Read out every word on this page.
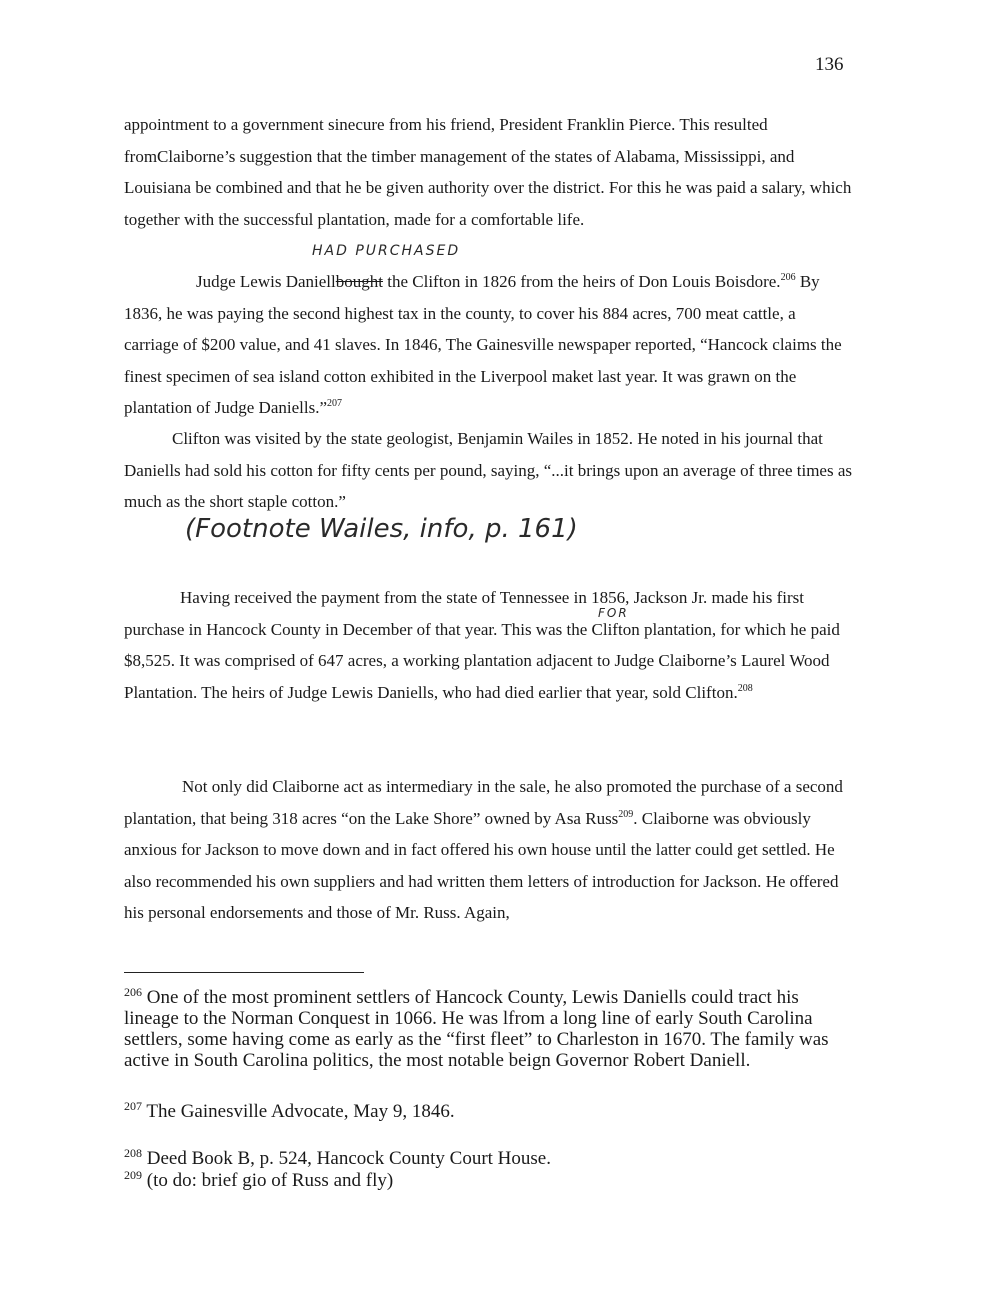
136

appointment to a government sinecure from his friend, President Franklin Pierce. This resulted fromClaiborne’s suggestion that the timber management of the states of Alabama, Mississippi, and Louisiana be combined and that he be given authority over the district. For this he was paid a salary, which together with the successful plantation, made for a comfortable life.

HAD PURCHASED

Judge Lewis Daniellbought the Clifton in 1826 from the heirs of Don Louis Boisdore.$^{206}$ By 1836, he was paying the second highest tax in the county, to cover his 884 acres, 700 meat cattle, a carriage of $200 value, and 41 slaves. In 1846, The Gainesville newspaper reported, “Hancock claims the finest specimen of sea island cotton exhibited in the Liverpool maket last year. It was grawn on the plantation of Judge Daniells.”$^{207}$

Clifton was visited by the state geologist, Benjamin Wailes in 1852. He noted in his journal that Daniells had sold his cotton for fifty cents per pound, saying, “...it brings upon an average of three times as much as the short staple cotton.”

(Footnote Wailes, info, p. 161)
FOR

Having received the payment from the state of Tennessee in 1856, Jackson Jr. made his first purchase in Hancock County in December of that year. This was the Clifton plantation, for which he paid $8,525. It was comprised of 647 acres, a working plantation adjacent to Judge Claiborne’s Laurel Wood Plantation. The heirs of Judge Lewis Daniells, who had died earlier that year, sold Clifton.$^{208}$

Not only did Claiborne act as intermediary in the sale, he also promoted the purchase of a second plantation, that being 318 acres “on the Lake Shore” owned by Asa Russ$^{209}$. Claiborne was obviously anxious for Jackson to move down and in fact offered his own house until the latter could get settled. He also recommended his own suppliers and had written them letters of introduction for Jackson. He offered his personal endorsements and those of Mr. Russ. Again,

$^{206}$ One of the most prominent settlers of Hancock County, Lewis Daniells could tract his lineage to the Norman Conquest in 1066. He was lfrom a long line of early South Carolina settlers, some having come as early as the “first fleet” to Charleston in 1670. The family was active in South Carolina politics, the most notable beign Governor Robert Daniell.

$^{207}$ The Gainesville Advocate, May 9, 1846.

$^{208}$ Deed Book B, p. 524, Hancock County Court House.

$^{209}$ (to do: brief gio of Russ and fly)
